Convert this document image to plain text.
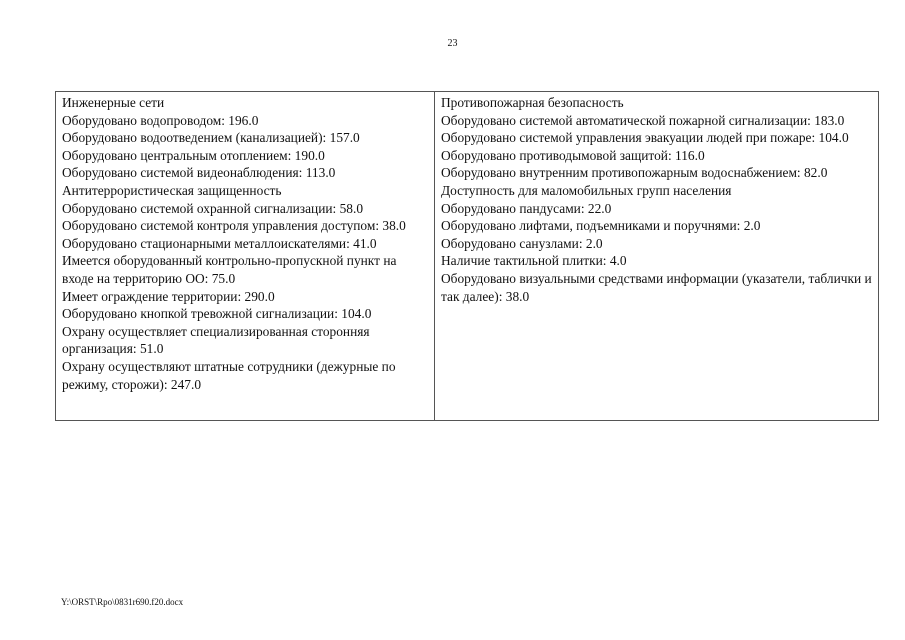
23
Инженерные сети
Оборудовано водопроводом: 196.0
Оборудовано водоотведением (канализацией): 157.0
Оборудовано центральным отоплением: 190.0
Оборудовано системой видеонаблюдения: 113.0
Антитеррористическая защищенность
Оборудовано системой охранной сигнализации: 58.0
Оборудовано системой контроля управления доступом: 38.0
Оборудовано стационарными металлоискателями: 41.0
Имеется оборудованный контрольно-пропускной пункт на входе на территорию ОО: 75.0
Имеет ограждение территории: 290.0
Оборудовано кнопкой тревожной сигнализации: 104.0
Охрану осуществляет специализированная сторонняя организация: 51.0
Охрану осуществляют штатные сотрудники (дежурные по режиму, сторожи): 247.0

Противопожарная безопасность
Оборудовано системой автоматической пожарной сигнализации: 183.0
Оборудовано системой управления эвакуации людей при пожаре: 104.0
Оборудовано противодымовой защитой: 116.0
Оборудовано внутренним противопожарным водоснабжением: 82.0
Доступность для маломобильных групп населения
Оборудовано пандусами: 22.0
Оборудовано лифтами, подъемниками и поручнями: 2.0
Оборудовано санузлами: 2.0
Наличие тактильной плитки: 4.0
Оборудовано визуальными средствами информации (указатели, таблички и так далее): 38.0
Y:\ORST\Rpo\0831r690.f20.docx
